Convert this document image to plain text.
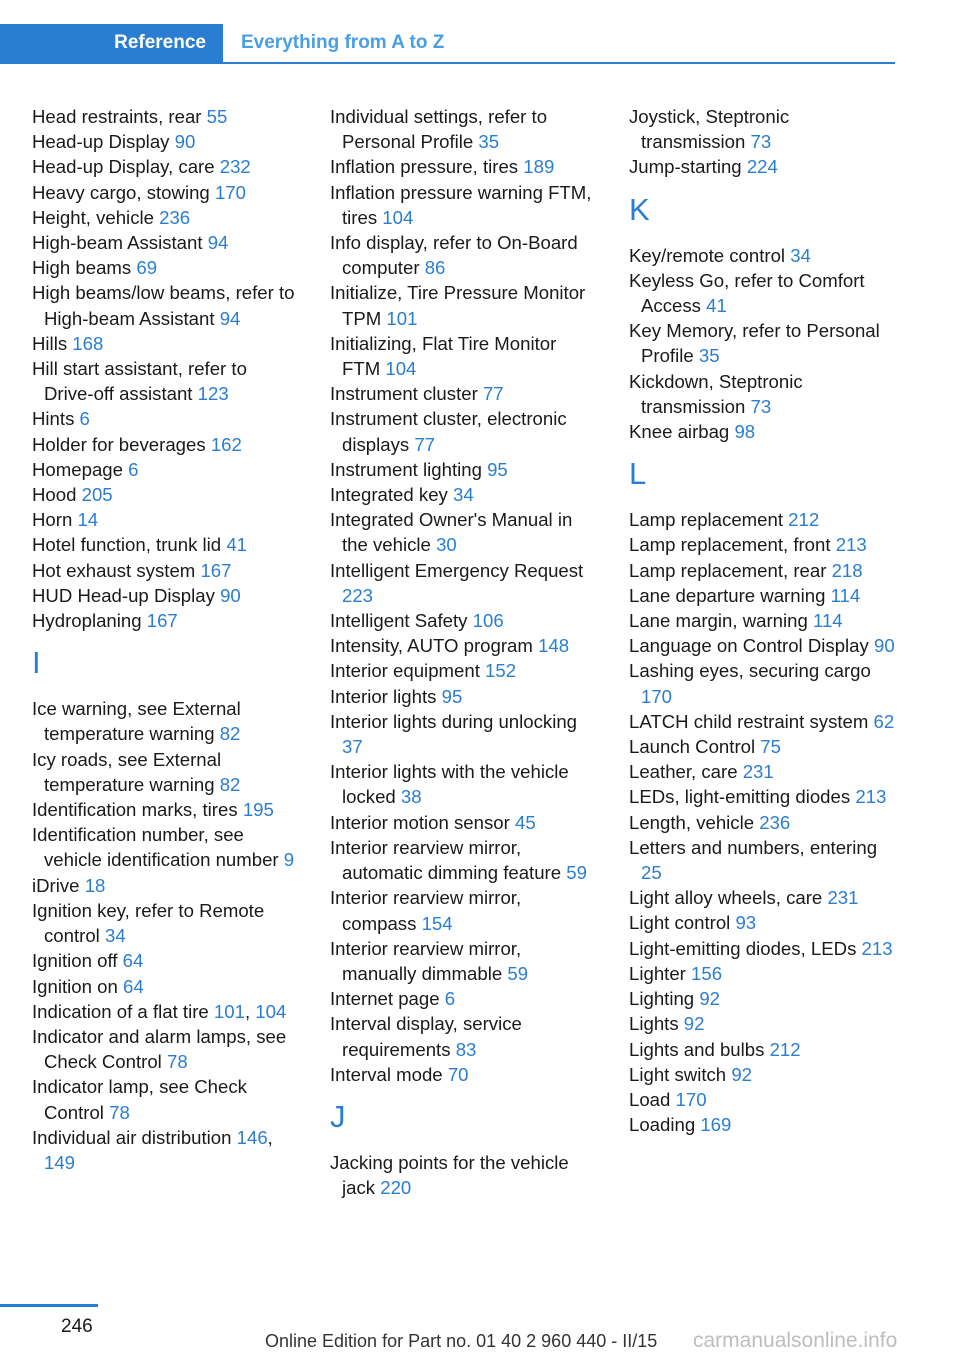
Reference	Everything from A to Z
Head restraints, rear 55
Head-up Display 90
Head-up Display, care 232
Heavy cargo, stowing 170
Height, vehicle 236
High-beam Assistant 94
High beams 69
High beams/low beams, refer to High-beam Assistant 94
Hills 168
Hill start assistant, refer to Drive-off assistant 123
Hints 6
Holder for beverages 162
Homepage 6
Hood 205
Horn 14
Hotel function, trunk lid 41
Hot exhaust system 167
HUD Head-up Display 90
Hydroplaning 167
I
Ice warning, see External temperature warning 82
Icy roads, see External temperature warning 82
Identification marks, tires 195
Identification number, see vehicle identification number 9
iDrive 18
Ignition key, refer to Remote control 34
Ignition off 64
Ignition on 64
Indication of a flat tire 101, 104
Indicator and alarm lamps, see Check Control 78
Indicator lamp, see Check Control 78
Individual air distribution 146, 149
Individual settings, refer to Personal Profile 35
Inflation pressure, tires 189
Inflation pressure warning FTM, tires 104
Info display, refer to On-Board computer 86
Initialize, Tire Pressure Monitor TPM 101
Initializing, Flat Tire Monitor FTM 104
Instrument cluster 77
Instrument cluster, electronic displays 77
Instrument lighting 95
Integrated key 34
Integrated Owner's Manual in the vehicle 30
Intelligent Emergency Request 223
Intelligent Safety 106
Intensity, AUTO program 148
Interior equipment 152
Interior lights 95
Interior lights during unlocking 37
Interior lights with the vehicle locked 38
Interior motion sensor 45
Interior rearview mirror, automatic dimming feature 59
Interior rearview mirror, compass 154
Interior rearview mirror, manually dimmable 59
Internet page 6
Interval display, service requirements 83
Interval mode 70
J
Jacking points for the vehicle jack 220
Joystick, Steptronic transmission 73
Jump-starting 224
K
Key/remote control 34
Keyless Go, refer to Comfort Access 41
Key Memory, refer to Personal Profile 35
Kickdown, Steptronic transmission 73
Knee airbag 98
L
Lamp replacement 212
Lamp replacement, front 213
Lamp replacement, rear 218
Lane departure warning 114
Lane margin, warning 114
Language on Control Display 90
Lashing eyes, securing cargo 170
LATCH child restraint system 62
Launch Control 75
Leather, care 231
LEDs, light-emitting diodes 213
Length, vehicle 236
Letters and numbers, entering 25
Light alloy wheels, care 231
Light control 93
Light-emitting diodes, LEDs 213
Lighter 156
Lighting 92
Lights 92
Lights and bulbs 212
Light switch 92
Load 170
Loading 169
246
Online Edition for Part no. 01 40 2 960 440 - II/15 carmanualsonline.info
